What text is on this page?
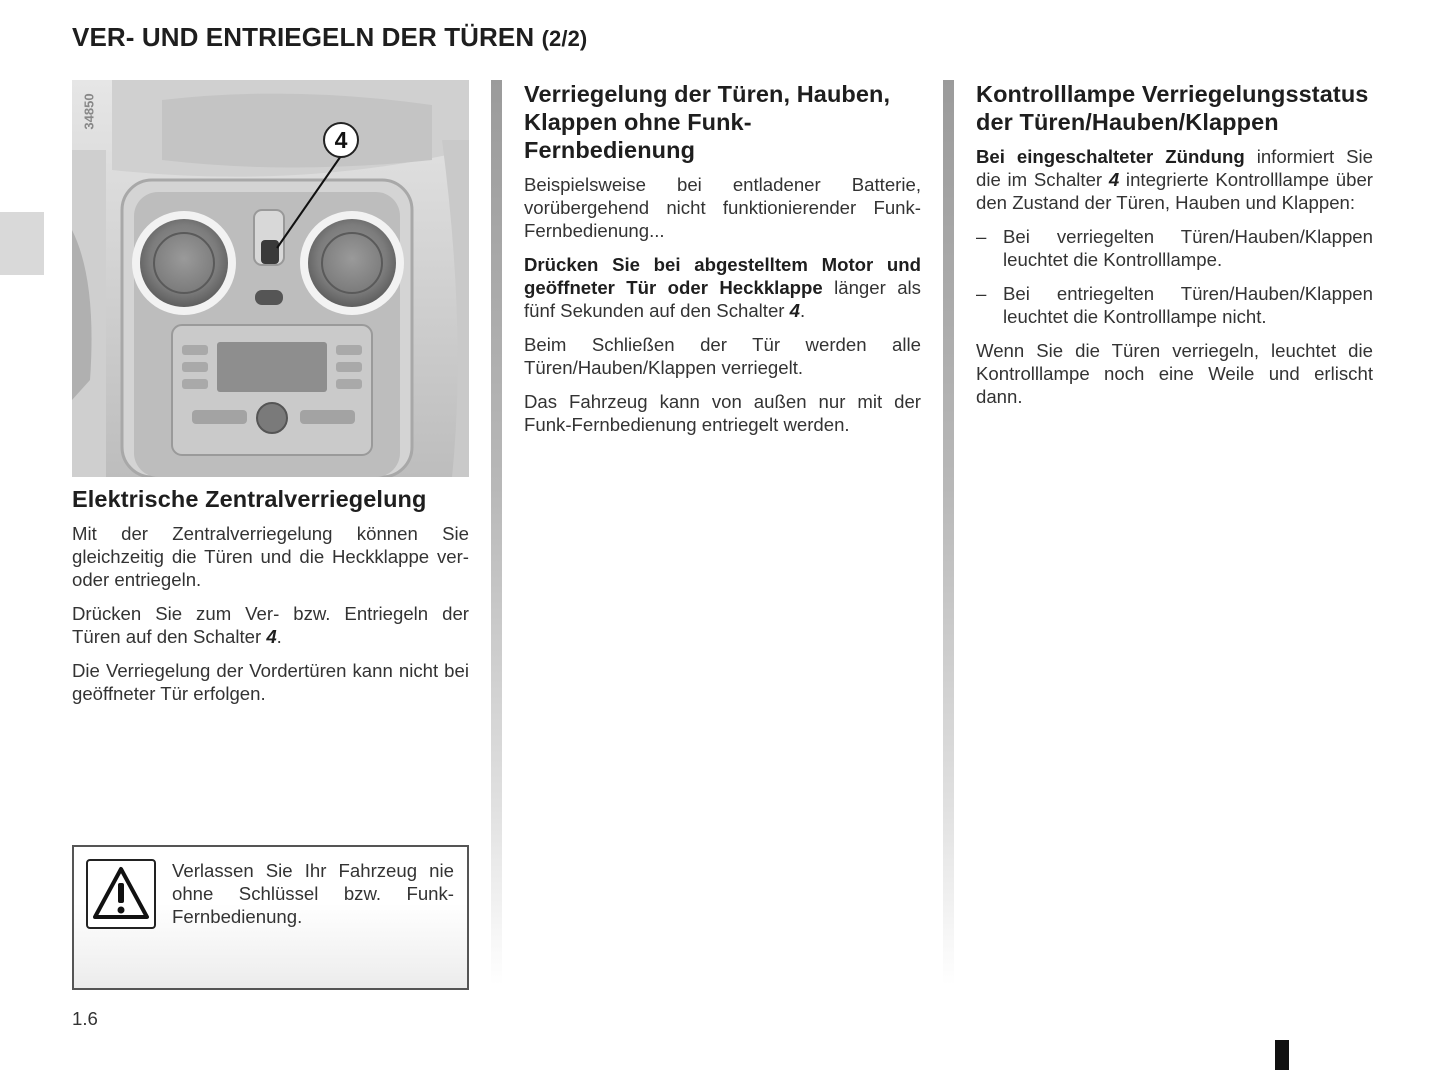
VER- UND ENTRIEGELN DER TÜREN (2/2)
34850
4
Elektrische Zentralverriegelung

Mit der Zentralverriegelung können Sie gleichzeitig die Türen und die Heckklappe ver- oder entriegeln.

Drücken Sie zum Ver- bzw. Entriegeln der Türen auf den Schalter 4.

Die Verriegelung der Vordertüren kann nicht bei geöffneter Tür erfolgen.

Verlassen Sie Ihr Fahrzeug nie ohne Schlüssel bzw. Funk-Fernbedienung.

Verriegelung der Türen, Hauben, Klappen ohne Funk-Fernbedienung

Beispielsweise bei entladener Batterie, vorübergehend nicht funktionierender Funk-Fernbedienung...

Drücken Sie bei abgestelltem Motor und geöffneter Tür oder Heckklappe länger als fünf Sekunden auf den Schalter 4.

Beim Schließen der Tür werden alle Türen/Hauben/Klappen verriegelt.

Das Fahrzeug kann von außen nur mit der Funk-Fernbedienung entriegelt werden.

Kontrolllampe Verriegelungsstatus der Türen/Hauben/Klappen

Bei eingeschalteter Zündung informiert Sie die im Schalter 4 integrierte Kontrolllampe über den Zustand der Türen, Hauben und Klappen:

– Bei verriegelten Türen/Hauben/Klappen leuchtet die Kontrolllampe.
– Bei entriegelten Türen/Hauben/Klappen leuchtet die Kontrolllampe nicht.

Wenn Sie die Türen verriegeln, leuchtet die Kontrolllampe noch eine Weile und erlischt dann.

1.6
